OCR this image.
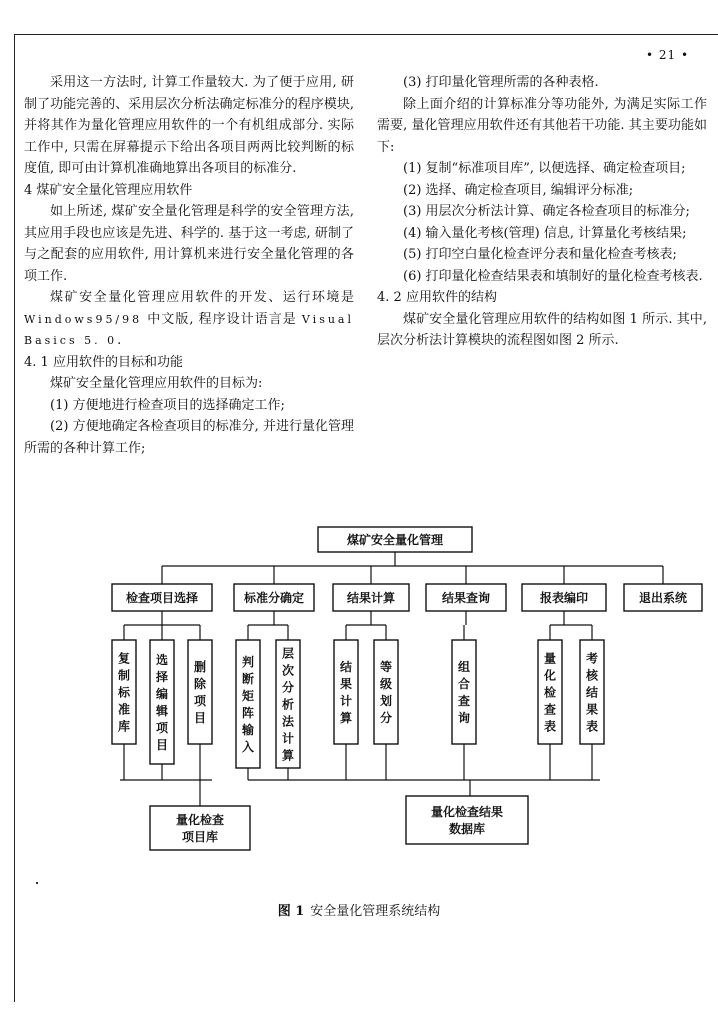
• 21 •

采用这一方法时, 计算工作量较大. 为了便于应用, 研制了功能完善的、采用层次分析法确定标准分的程序模块, 并将其作为量化管理应用软件的一个有机组成部分. 实际工作中, 只需在屏幕提示下给出各项目两两比较判断的标度值, 即可由计算机准确地算出各项目的标准分.

4 煤矿安全量化管理应用软件

如上所述, 煤矿安全量化管理是科学的安全管理方法, 其应用手段也应该是先进、科学的. 基于这一考虑, 研制了与之配套的应用软件, 用计算机来进行安全量化管理的各项工作.

煤矿安全量化管理应用软件的开发、运行环境是 Windows95/98 中文版, 程序设计语言是 Visual Basics 5. 0.

4. 1 应用软件的目标和功能

煤矿安全量化管理应用软件的目标为:

(1) 方便地进行检查项目的选择确定工作;

(2) 方便地确定各检查项目的标准分, 并进行量化管理所需的各种计算工作;

(3) 打印量化管理所需的各种表格.

除上面介绍的计算标准分等功能外, 为满足实际工作需要, 量化管理应用软件还有其他若干功能. 其主要功能如下:

(1) 复制“标准项目库”, 以便选择、确定检查项目;

(2) 选择、确定检查项目, 编辑评分标准;

(3) 用层次分析法计算、确定各检查项目的标准分;

(4) 输入量化考核(管理) 信息, 计算量化考核结果;

(5) 打印空白量化检查评分表和量化检查考核表;

(6) 打印量化检查结果表和填制好的量化检查考核表.

4. 2 应用软件的结构

煤矿安全量化管理应用软件的结构如图 1 所示. 其中, 层次分析法计算模块的流程图如图 2 所示.

煤矿安全量化管理
检查项目选择	标准分确定	结果计算	结果查询	报表编印	退出系统
复制标准库
选择编辑项目
删除项目
判断矩阵输入
层次分析法计算
结果计算
等级划分
组合查询
量化检查表
考核结果表
量化检查
项目库
量化检查结果
数据库
图 1 安全量化管理系统结构
